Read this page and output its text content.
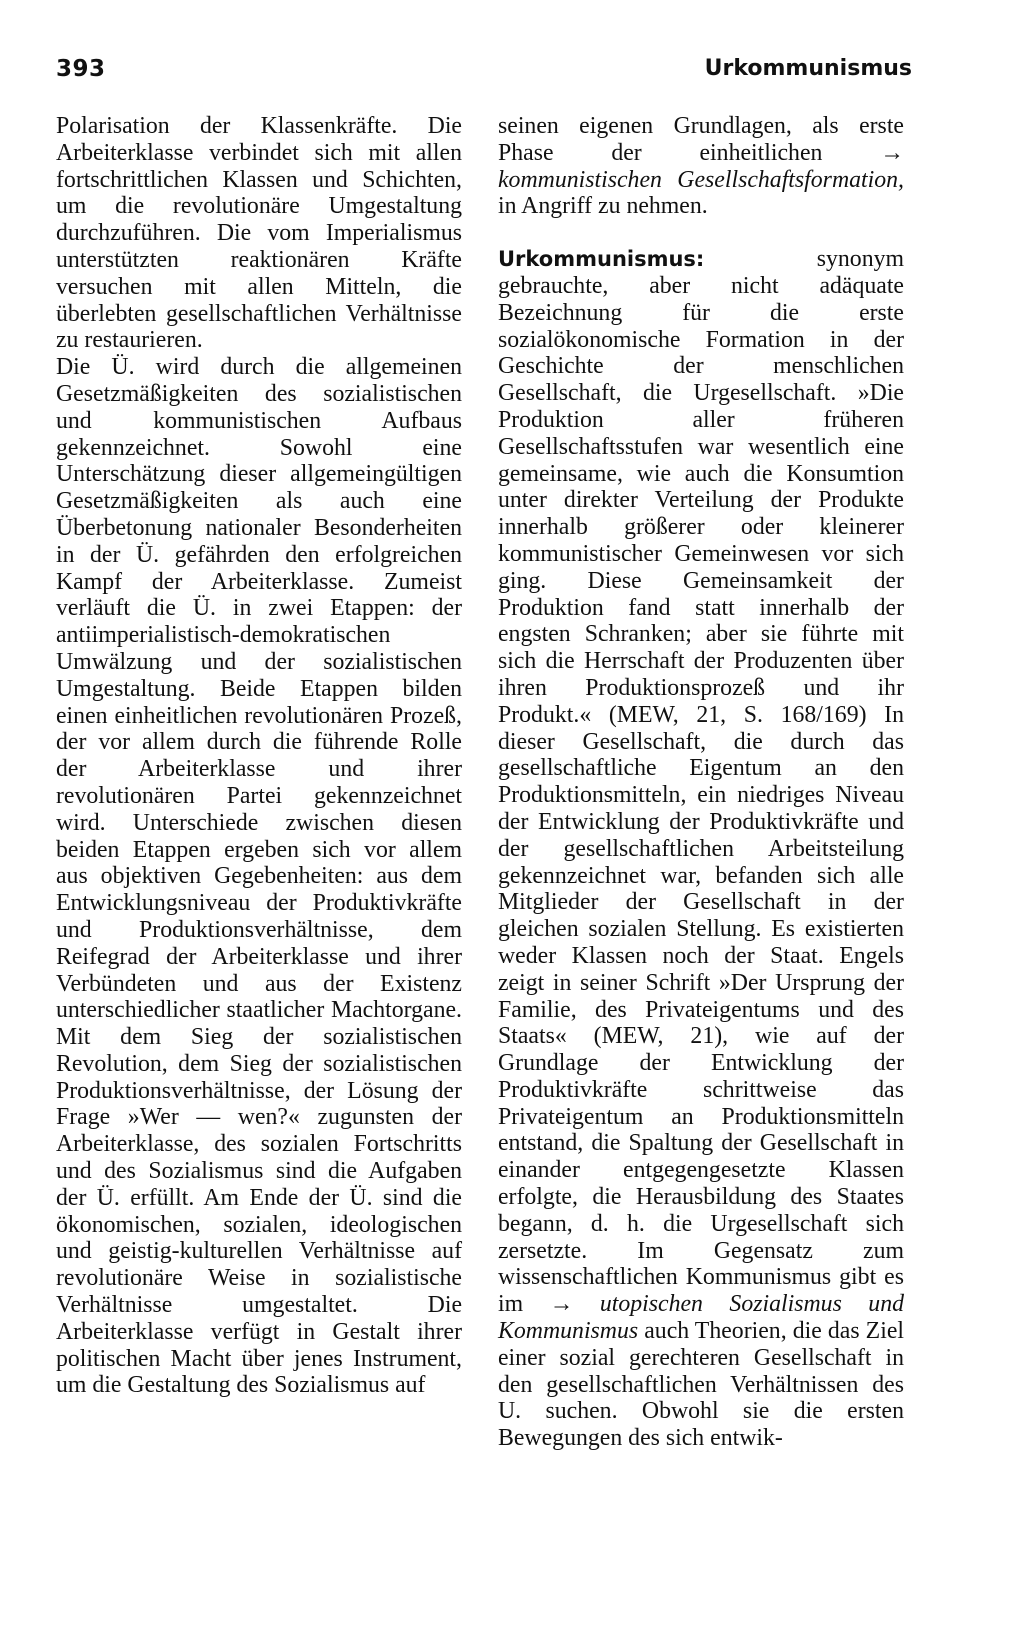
393	Urkommunismus

Polarisation der Klassenkräfte. Die Arbeiterklasse verbindet sich mit allen fortschrittlichen Klassen und Schichten, um die revolutionäre Umgestaltung durchzuführen. Die vom Imperialismus unterstützten reaktionären Kräfte versuchen mit allen Mitteln, die überlebten gesellschaftlichen Verhältnisse zu restaurieren.

Die Ü. wird durch die allgemeinen Gesetzmäßigkeiten des sozialistischen und kommunistischen Aufbaus gekennzeichnet. Sowohl eine Unterschätzung dieser allgemeingültigen Gesetzmäßigkeiten als auch eine Überbetonung nationaler Besonderheiten in der Ü. gefährden den erfolgreichen Kampf der Arbeiterklasse. Zumeist verläuft die Ü. in zwei Etappen: der antiimperialistisch-demokratischen Umwälzung und der sozialistischen Umgestaltung. Beide Etappen bilden einen einheitlichen revolutionären Prozeß, der vor allem durch die führende Rolle der Arbeiterklasse und ihrer revolutionären Partei gekennzeichnet wird. Unterschiede zwischen diesen beiden Etappen ergeben sich vor allem aus objektiven Gegebenheiten: aus dem Entwicklungsniveau der Produktivkräfte und Produktionsverhältnisse, dem Reifegrad der Arbeiterklasse und ihrer Verbündeten und aus der Existenz unterschiedlicher staatlicher Machtorgane. Mit dem Sieg der sozialistischen Revolution, dem Sieg der sozialistischen Produktionsverhältnisse, der Lösung der Frage »Wer — wen?« zugunsten der Arbeiterklasse, des sozialen Fortschritts und des Sozialismus sind die Aufgaben der Ü. erfüllt. Am Ende der Ü. sind die ökonomischen, sozialen, ideologischen und geistig-kulturellen Verhältnisse auf revolutionäre Weise in sozialistische Verhältnisse umgestaltet. Die Arbeiterklasse verfügt in Gestalt ihrer politischen Macht über jenes Instrument, um die Gestaltung des Sozialismus auf

seinen eigenen Grundlagen, als erste Phase der einheitlichen → kommunistischen Gesellschaftsformation, in Angriff zu nehmen.

Urkommunismus:	synonym gebrauchte, aber nicht adäquate Bezeichnung für die erste sozialökonomische Formation in der Geschichte der menschlichen Gesellschaft, die Urgesellschaft. »Die Produktion aller früheren Gesellschaftsstufen war wesentlich eine gemeinsame, wie auch die Konsumtion unter direkter Verteilung der Produkte innerhalb größerer oder kleinerer kommunistischer Gemeinwesen vor sich ging. Diese Gemeinsamkeit der Produktion fand statt innerhalb der engsten Schranken; aber sie führte mit sich die Herrschaft der Produzenten über ihren Produktionsprozeß und ihr Produkt.« (MEW, 21, S. 168/169) In dieser Gesellschaft, die durch das gesellschaftliche Eigentum an den Produktionsmitteln, ein niedriges Niveau der Entwicklung der Produktivkräfte und der gesellschaftlichen Arbeitsteilung gekennzeichnet war, befanden sich alle Mitglieder der Gesellschaft in der gleichen sozialen Stellung. Es existierten weder Klassen noch der Staat. Engels zeigt in seiner Schrift »Der Ursprung der Familie, des Privateigentums und des Staats« (MEW, 21), wie auf der Grundlage der Entwicklung der Produktivkräfte schrittweise das Privateigentum an Produktionsmitteln entstand, die Spaltung der Gesellschaft in einander entgegengesetzte Klassen erfolgte, die Herausbildung des Staates begann, d. h. die Urgesellschaft sich zersetzte. Im Gegensatz zum wissenschaftlichen Kommunismus gibt es im → utopischen Sozialismus und Kommunismus auch Theorien, die das Ziel einer sozial gerechteren Gesellschaft in den gesellschaftlichen Verhältnissen des U. suchen. Obwohl sie die ersten Bewegungen des sich entwik-
